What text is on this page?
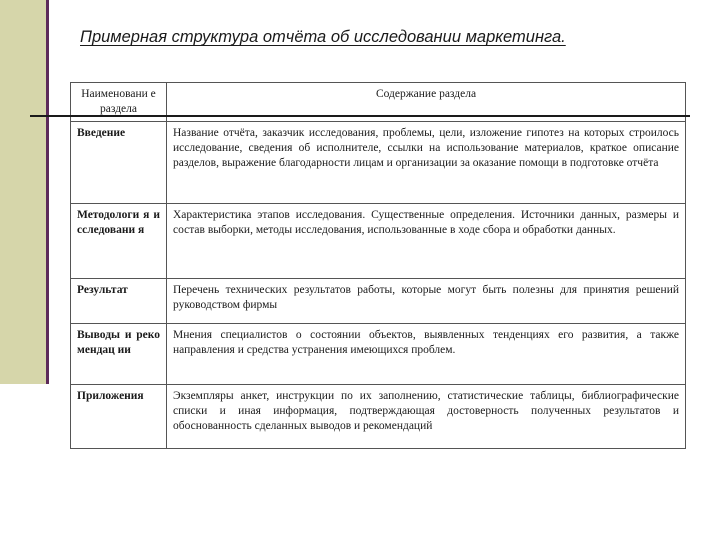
Примерная структура отчёта об исследовании маркетинга.
Наименовани е раздела	Содержание раздела
Введение	Название отчёта, заказчик исследования, проблемы, цели, изложение гипотез на которых строилось исследование, сведения об исполнителе, ссылки на использование материалов, краткое описание разделов, выражение благодарности лицам и организации за оказание помощи в подготовке отчёта
Методологи я исследовани я	Характеристика этапов исследования. Существенные определения. Источники данных, размеры и состав выборки, методы исследования, использованные в ходе сбора и обработки данных.
Результат	Перечень технических результатов работы, которые могут быть полезны для принятия решений руководством фирмы
Выводы и рекомендац ии	Мнения специалистов о состоянии объектов, выявленных тенденциях его развития, а также направления и средства устранения имеющихся проблем.
Приложения	Экземпляры анкет, инструкции по их заполнению, статистические таблицы, библиографические списки и иная информация, подтверждающая достоверность полученных результатов и обоснованность сделанных выводов и рекомендаций
